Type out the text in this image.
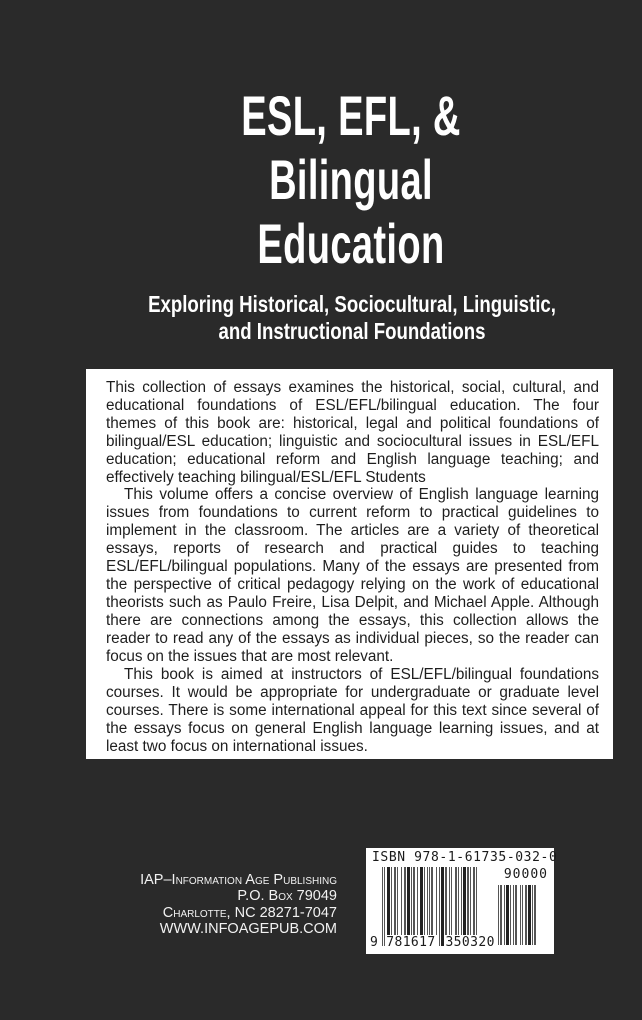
ESL, EFL, &
Bilingual
Education
Exploring Historical, Sociocultural, Linguistic,
and Instructional Foundations

This collection of essays examines the historical, social, cultural, and educational foundations of ESL/EFL/bilingual education. The four themes of this book are: historical, legal and political foundations of bilingual/ESL education; linguistic and sociocultural issues in ESL/EFL education; educational reform and English language teaching; and effectively teaching bilingual/ESL/EFL Students

This volume offers a concise overview of English language learning issues from foundations to current reform to practical guidelines to implement in the classroom. The articles are a variety of theoretical essays, reports of research and practical guides to teaching ESL/EFL/bilingual populations. Many of the essays are presented from the perspective of critical pedagogy relying on the work of educational theorists such as Paulo Freire, Lisa Delpit, and Michael Apple. Although there are connections among the essays, this collection allows the reader to read any of the essays as individual pieces, so the reader can focus on the issues that are most relevant.

This book is aimed at instructors of ESL/EFL/bilingual foundations courses. It would be appropriate for undergraduate or graduate level courses. There is some international appeal for this text since several of the essays focus on general English language learning issues, and at least two focus on international issues.

IAP–Information Age Publishing
P.O. Box 79049
Charlotte, NC 28271-7047
WWW.INFOAGEPUB.COM
ISBN 978-1-61735-032-0
90000
9 781617 350320
